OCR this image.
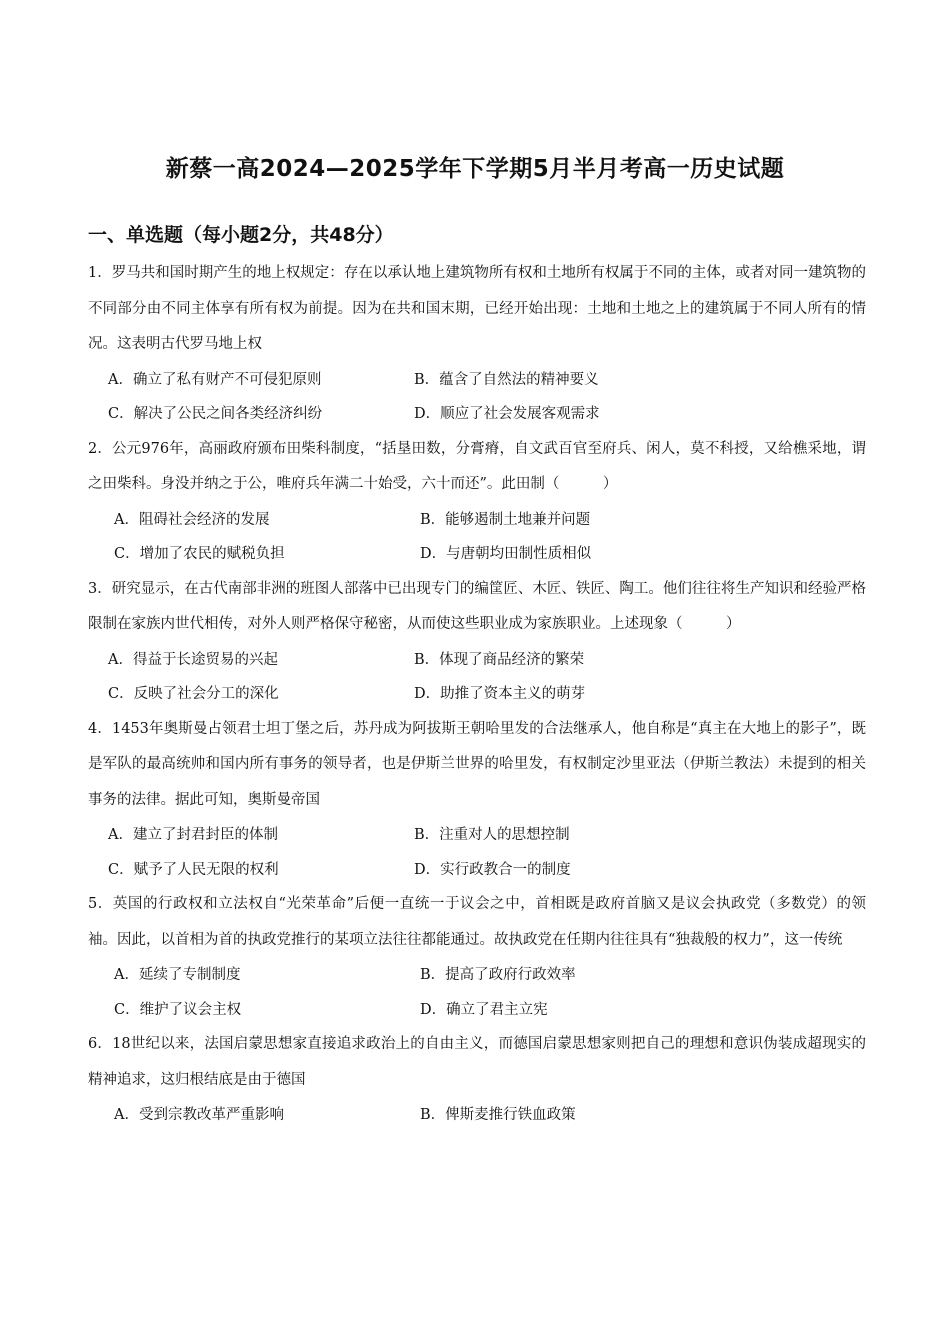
新蔡一高2024—2025学年下学期5月半月考高一历史试题
一、单选题（每小题2分，共48分）
1．罗马共和国时期产生的地上权规定：存在以承认地上建筑物所有权和土地所有权属于不同的主体，或者对同一建筑物的不同部分由不同主体享有所有权为前提。因为在共和国末期，已经开始出现：土地和土地之上的建筑属于不同人所有的情况。这表明古代罗马地上权
A．确立了私有财产不可侵犯原则	B．蕴含了自然法的精神要义
C．解决了公民之间各类经济纠纷	D．顺应了社会发展客观需求
2．公元976年，高丽政府颁布田柴科制度，“括垦田数，分膏瘠，自文武百官至府兵、闲人，莫不科授，又给樵采地，谓之田柴科。身没并纳之于公，唯府兵年满二十始受，六十而还”。此田制（　　　）
A．阻碍社会经济的发展	B．能够遏制土地兼并问题
C．增加了农民的赋税负担	D．与唐朝均田制性质相似
3．研究显示，在古代南部非洲的班图人部落中已出现专门的编筐匠、木匠、铁匠、陶工。他们往往将生产知识和经验严格限制在家族内世代相传，对外人则严格保守秘密，从而使这些职业成为家族职业。上述现象（　　　）
A．得益于长途贸易的兴起	B．体现了商品经济的繁荣
C．反映了社会分工的深化	D．助推了资本主义的萌芽
4．1453年奥斯曼占领君士坦丁堡之后，苏丹成为阿拔斯王朝哈里发的合法继承人，他自称是“真主在大地上的影子”，既是军队的最高统帅和国内所有事务的领导者，也是伊斯兰世界的哈里发，有权制定沙里亚法（伊斯兰教法）未提到的相关事务的法律。据此可知，奥斯曼帝国
A．建立了封君封臣的体制	B．注重对人的思想控制
C．赋予了人民无限的权利	D．实行政教合一的制度
5．英国的行政权和立法权自“光荣革命”后便一直统一于议会之中，首相既是政府首脑又是议会执政党（多数党）的领袖。因此，以首相为首的执政党推行的某项立法往往都能通过。故执政党在任期内往往具有“独裁般的权力”，这一传统
A．延续了专制制度	B．提高了政府行政效率
C．维护了议会主权	D．确立了君主立宪
6．18世纪以来，法国启蒙思想家直接追求政治上的自由主义，而德国启蒙思想家则把自己的理想和意识伪装成超现实的精神追求，这归根结底是由于德国
A．受到宗教改革严重影响	B．俾斯麦推行铁血政策
